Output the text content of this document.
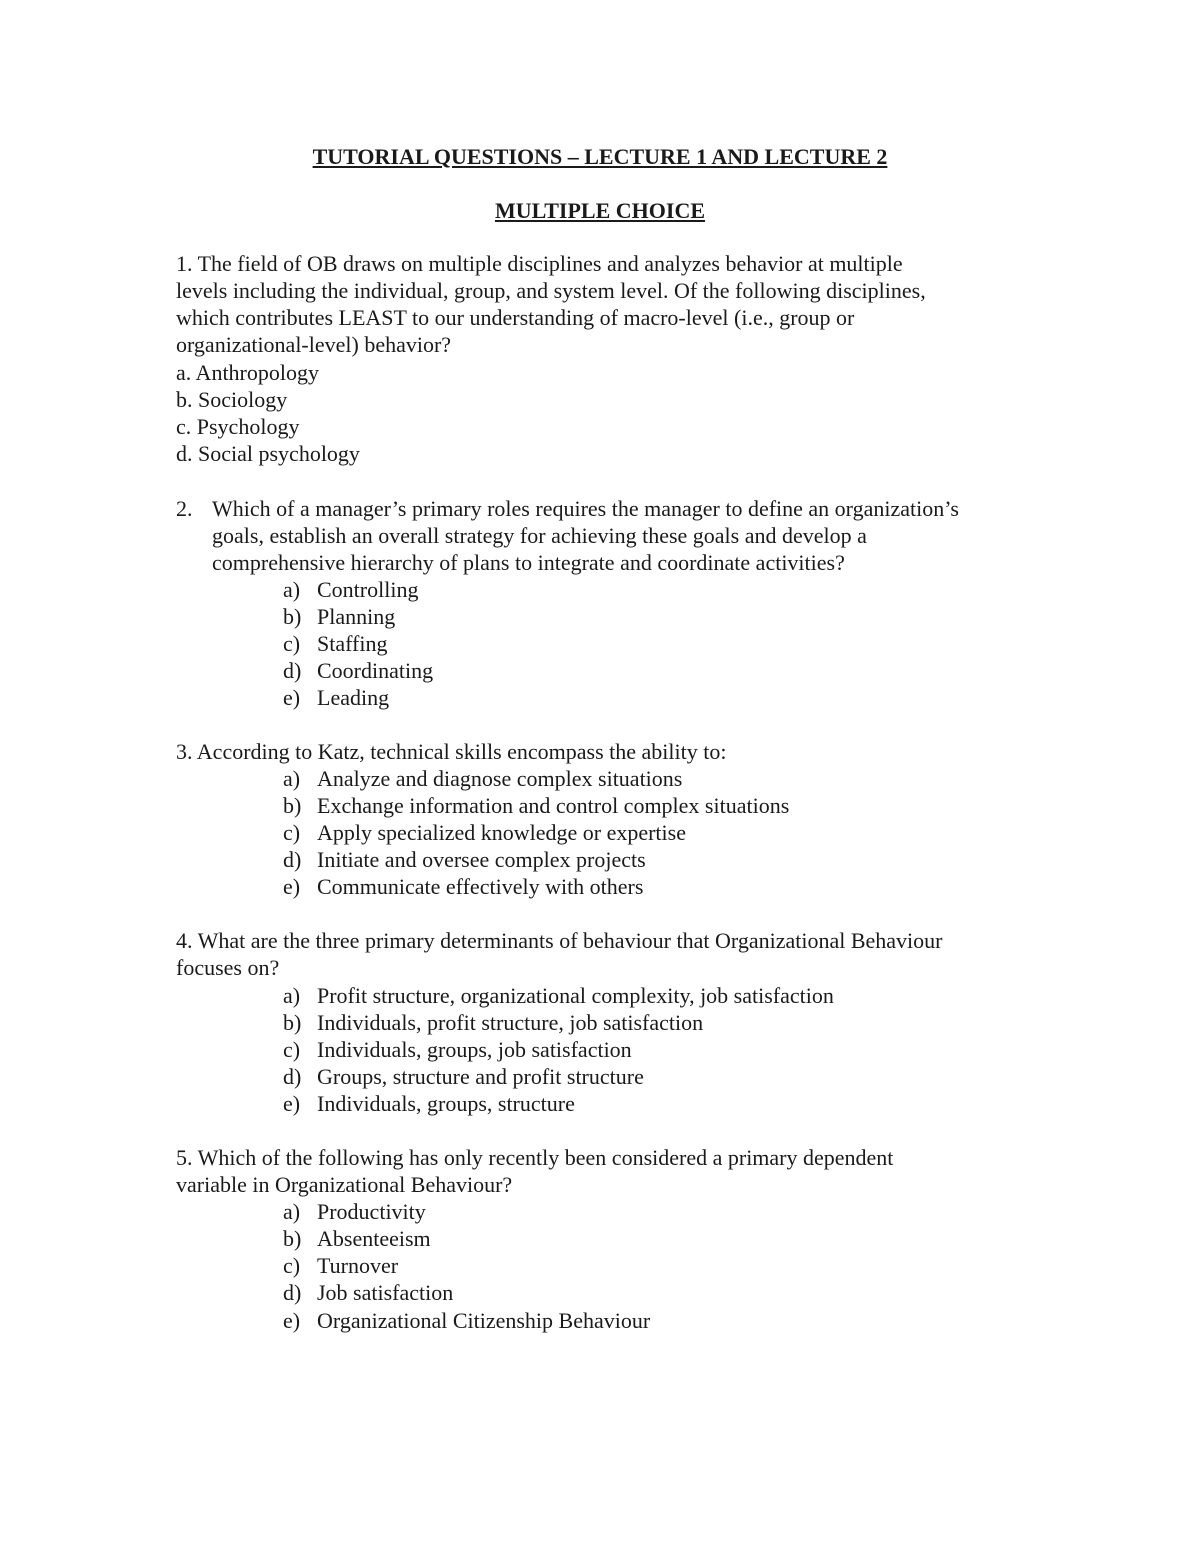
TUTORIAL QUESTIONS – LECTURE 1 AND LECTURE 2
MULTIPLE CHOICE
1. The field of OB draws on multiple disciplines and analyzes behavior at multiple
levels including the individual, group, and system level. Of the following disciplines,
which contributes LEAST to our understanding of macro-level (i.e., group or
organizational-level) behavior?
a. Anthropology
b. Sociology
c. Psychology
d. Social psychology
2. Which of a manager’s primary roles requires the manager to define an organization’s
goals, establish an overall strategy for achieving these goals and develop a
comprehensive hierarchy of plans to integrate and coordinate activities?
a) Controlling
b) Planning
c) Staffing
d) Coordinating
e) Leading
3. According to Katz, technical skills encompass the ability to:
a) Analyze and diagnose complex situations
b) Exchange information and control complex situations
c) Apply specialized knowledge or expertise
d) Initiate and oversee complex projects
e) Communicate effectively with others
4. What are the three primary determinants of behaviour that Organizational Behaviour
focuses on?
a) Profit structure, organizational complexity, job satisfaction
b) Individuals, profit structure, job satisfaction
c) Individuals, groups, job satisfaction
d) Groups, structure and profit structure
e) Individuals, groups, structure
5. Which of the following has only recently been considered a primary dependent
variable in Organizational Behaviour?
a) Productivity
b) Absenteeism
c) Turnover
d) Job satisfaction
e) Organizational Citizenship Behaviour
